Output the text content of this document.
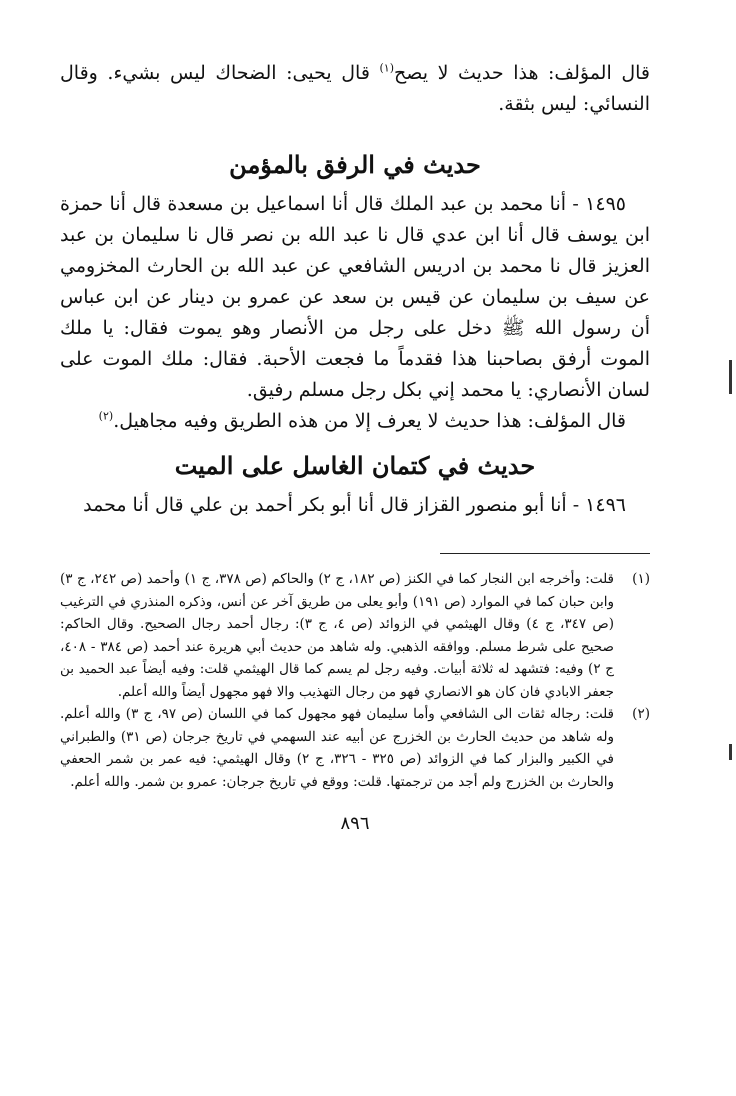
قال المؤلف: هذا حديث لا يصح$^{(١)}$ قال يحيى: الضحاك ليس بشيء. وقال النسائي: ليس بثقة.

حديث في الرفق بالمؤمن

١٤٩٥ - أنا محمد بن عبد الملك قال أنا اسماعيل بن مسعدة قال أنا حمزة ابن يوسف قال أنا ابن عدي قال نا عبد الله بن نصر قال نا سليمان بن عبد العزيز قال نا محمد بن ادريس الشافعي عن عبد الله بن الحارث المخزومي عن سيف بن سليمان عن قيس بن سعد عن عمرو بن دينار عن ابن عباس أن رسول الله ﷺ دخل على رجل من الأنصار وهو يموت فقال: يا ملك الموت أرفق بصاحبنا هذا فقدماً ما فجعت الأحبة. فقال: ملك الموت على لسان الأنصاري: يا محمد إني بكل رجل مسلم رفيق.

قال المؤلف: هذا حديث لا يعرف إلا من هذه الطريق وفيه مجاهيل.$^{(٢)}$

حديث في كتمان الغاسل على الميت

١٤٩٦ - أنا أبو منصور القزاز قال أنا أبو بكر أحمد بن علي قال أنا محمد

(١)
قلت: وأخرجه ابن النجار كما في الكنز (ص ١٨٢، ج ٢) والحاكم (ص ٣٧٨، ج ١) وأحمد (ص ٢٤٢، ج ٣) وابن حبان كما في الموارد (ص ١٩١) وأبو يعلى من طريق آخر عن أنس، وذكره المنذري في الترغيب (ص ٣٤٧، ج ٤) وقال الهيثمي في الزوائد (ص ٤، ج ٣): رجال أحمد رجال الصحيح. وقال الحاكم: صحيح على شرط مسلم. ووافقه الذهبي. وله شاهد من حديث أبي هريرة عند أحمد (ص ٣٨٤ - ٤٠٨، ج ٢) وفيه: فتشهد له ثلاثة أبيات. وفيه رجل لم يسم كما قال الهيثمي قلت: وفيه أيضاً عبد الحميد بن جعفر الابادي فان كان هو الانصاري فهو من رجال التهذيب والا فهو مجهول أيضاً والله أعلم.
(٢)
قلت: رجاله ثقات الى الشافعي وأما سليمان فهو مجهول كما في اللسان (ص ٩٧، ج ٣) والله أعلم. وله شاهد من حديث الحارث بن الخزرج عن أبيه عند السهمي في تاريخ جرجان (ص ٣١) والطبراني في الكبير والبزار كما في الزوائد (ص ٣٢٥ - ٣٢٦، ج ٢) وقال الهيثمي: فيه عمر بن شمر الحعفي والحارث بن الخزرج ولم أجد من ترجمتها. قلت: ووقع في تاريخ جرجان: عمرو بن شمر. والله أعلم.
٨٩٦
